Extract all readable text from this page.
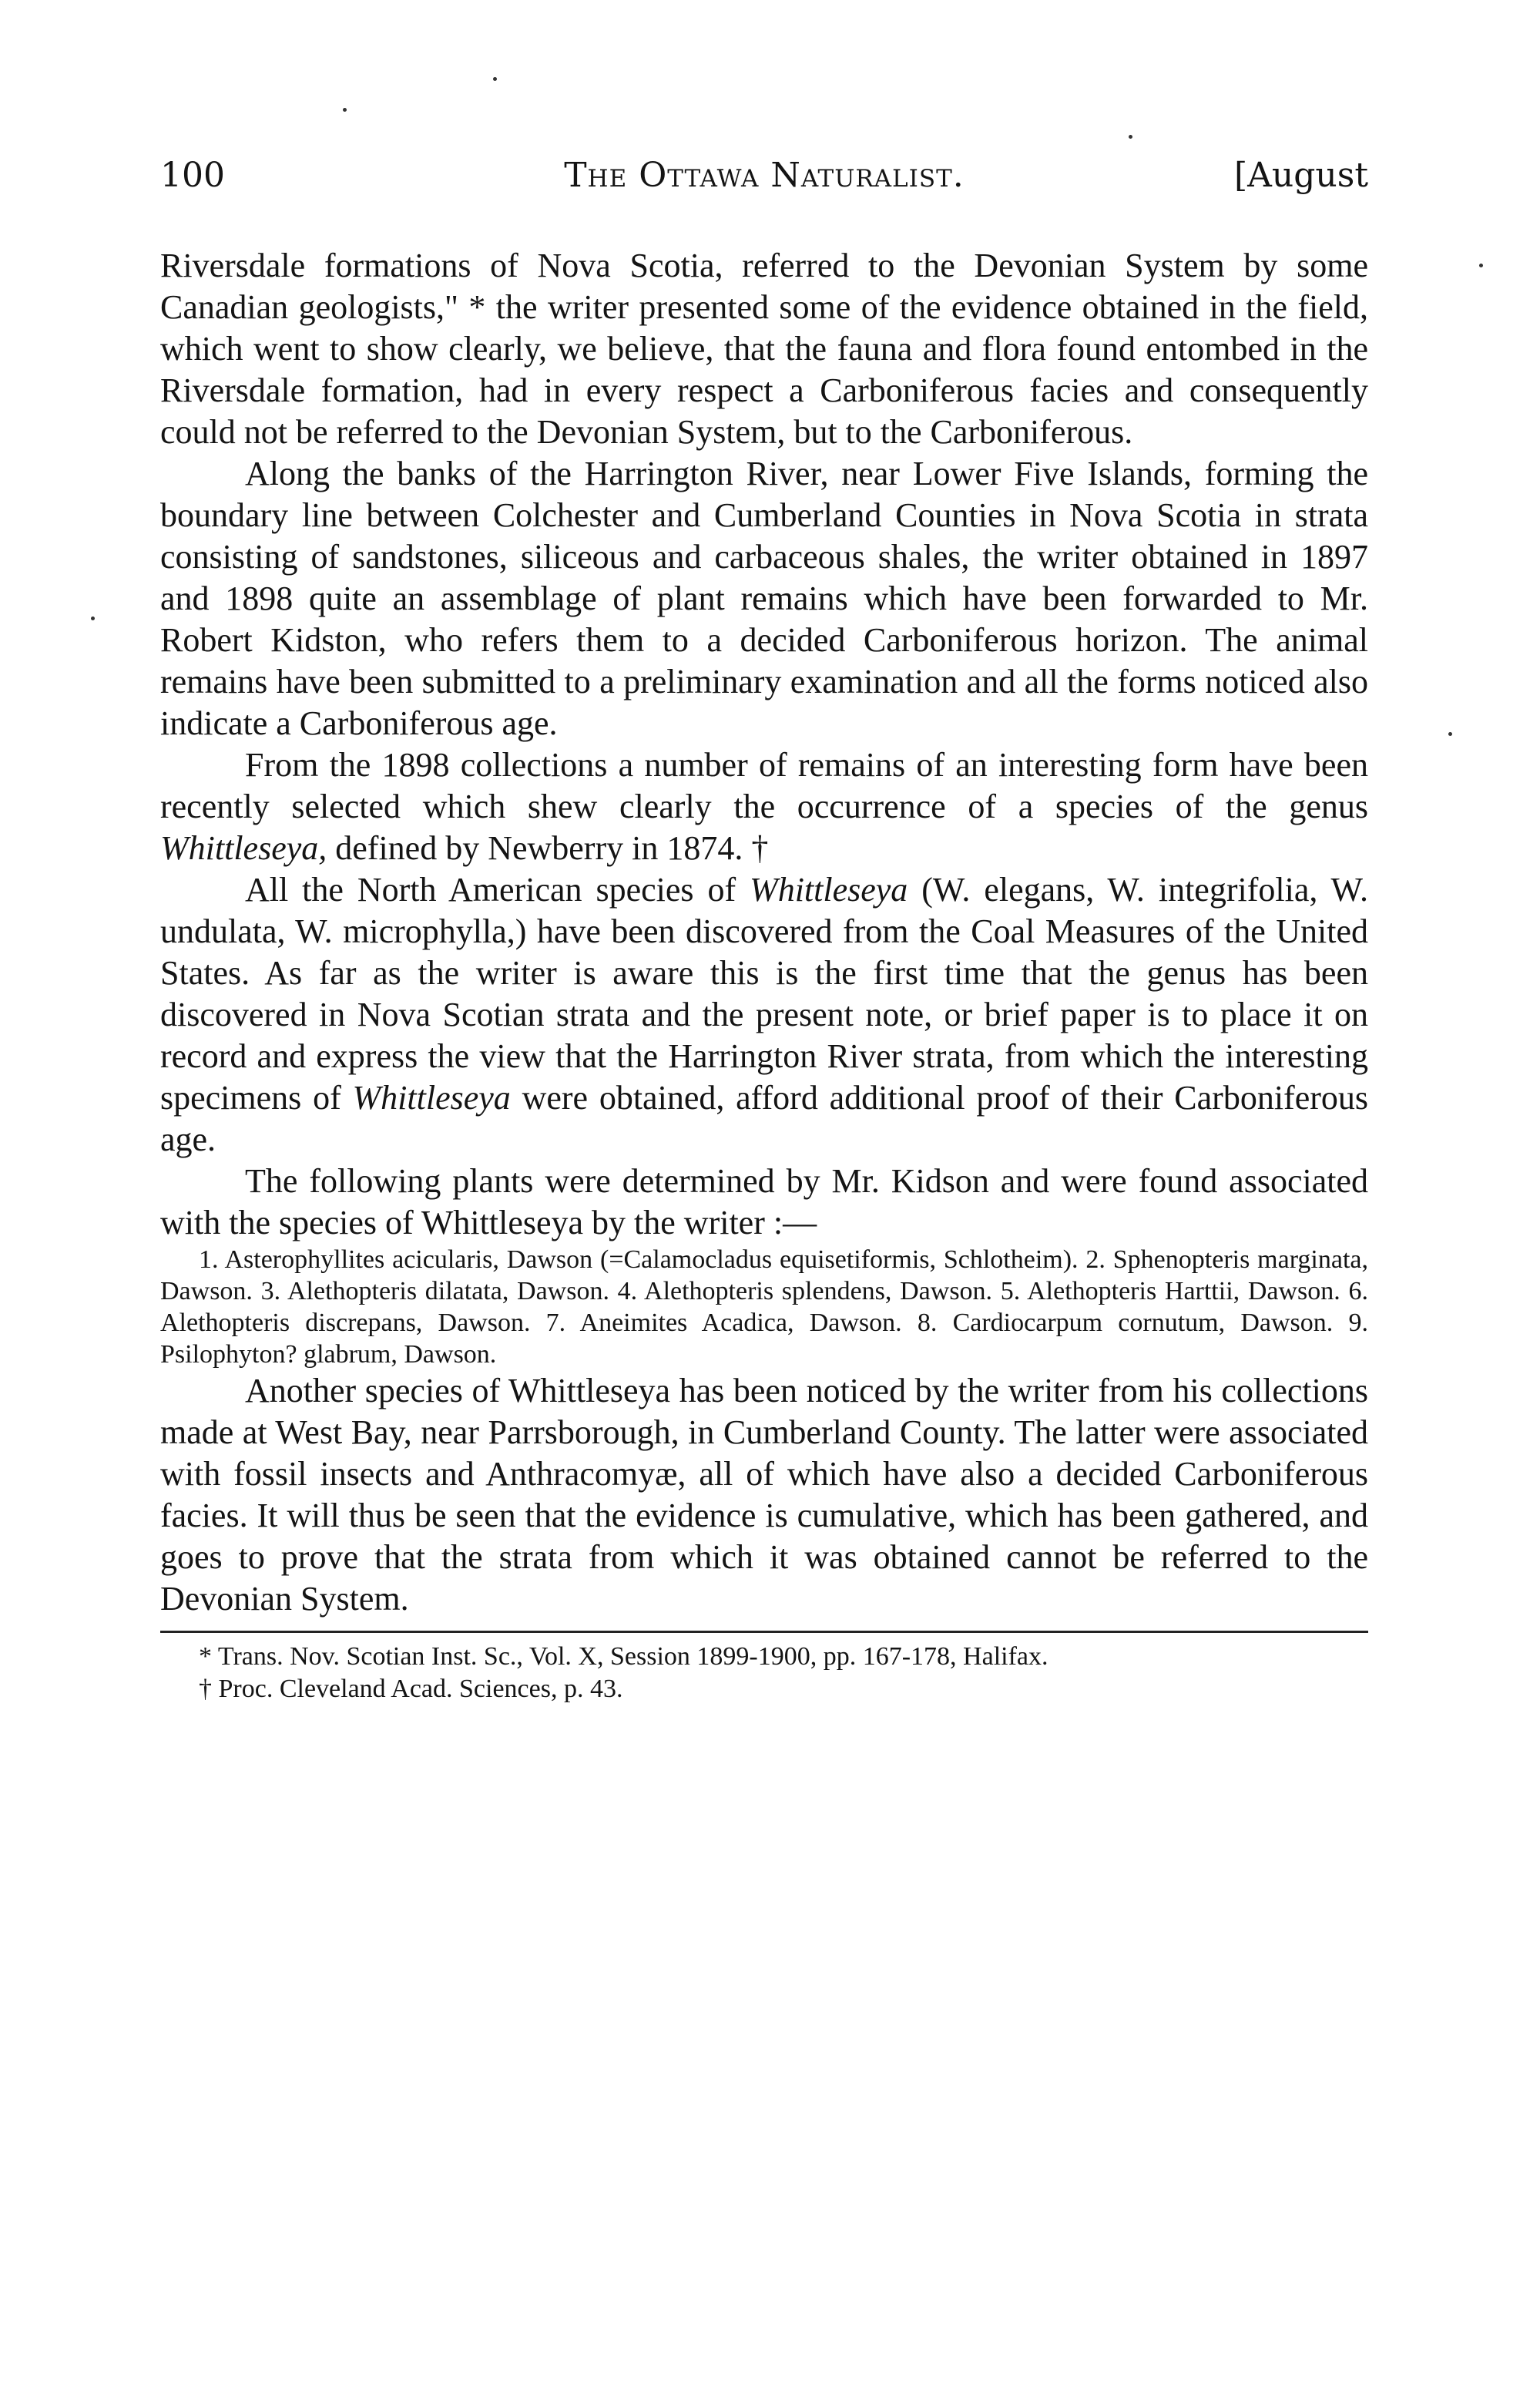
100	The Ottawa Naturalist.	[August

Riversdale formations of Nova Scotia, referred to the Devonian System by some Canadian geologists," * the writer presented some of the evidence obtained in the field, which went to show clearly, we believe, that the fauna and flora found entombed in the Riversdale formation, had in every respect a Carboniferous facies and consequently could not be referred to the Devonian System, but to the Carboniferous.

Along the banks of the Harrington River, near Lower Five Islands, forming the boundary line between Colchester and Cumberland Counties in Nova Scotia in strata consisting of sandstones, siliceous and carbaceous shales, the writer obtained in 1897 and 1898 quite an assemblage of plant remains which have been forwarded to Mr. Robert Kidston, who refers them to a decided Carboniferous horizon. The animal remains have been submitted to a preliminary examination and all the forms noticed also indicate a Carboniferous age.

From the 1898 collections a number of remains of an interesting form have been recently selected which shew clearly the occurrence of a species of the genus Whittleseya, defined by Newberry in 1874. †

All the North American species of Whittleseya (W. elegans, W. integrifolia, W. undulata, W. microphylla,) have been discovered from the Coal Measures of the United States. As far as the writer is aware this is the first time that the genus has been discovered in Nova Scotian strata and the present note, or brief paper is to place it on record and express the view that the Harrington River strata, from which the interesting specimens of Whittleseya were obtained, afford additional proof of their Carboniferous age.

The following plants were determined by Mr. Kidson and were found associated with the species of Whittleseya by the writer :—

1. Asterophyllites acicularis, Dawson (=Calamocladus equisetiformis, Schlotheim). 2. Sphenopteris marginata, Dawson. 3. Alethopteris dilatata, Dawson. 4. Alethopteris splendens, Dawson. 5. Alethopteris Harttii, Dawson. 6. Alethopteris discrepans, Dawson. 7. Aneimites Acadica, Dawson. 8. Cardiocarpum cornutum, Dawson. 9. Psilophyton? glabrum, Dawson.

Another species of Whittleseya has been noticed by the writer from his collections made at West Bay, near Parrsborough, in Cumberland County. The latter were associated with fossil insects and Anthracomyæ, all of which have also a decided Carboniferous facies. It will thus be seen that the evidence is cumulative, which has been gathered, and goes to prove that the strata from which it was obtained cannot be referred to the Devonian System.

* Trans. Nov. Scotian Inst. Sc., Vol. X, Session 1899-1900, pp. 167-178, Halifax.

† Proc. Cleveland Acad. Sciences, p. 43.
